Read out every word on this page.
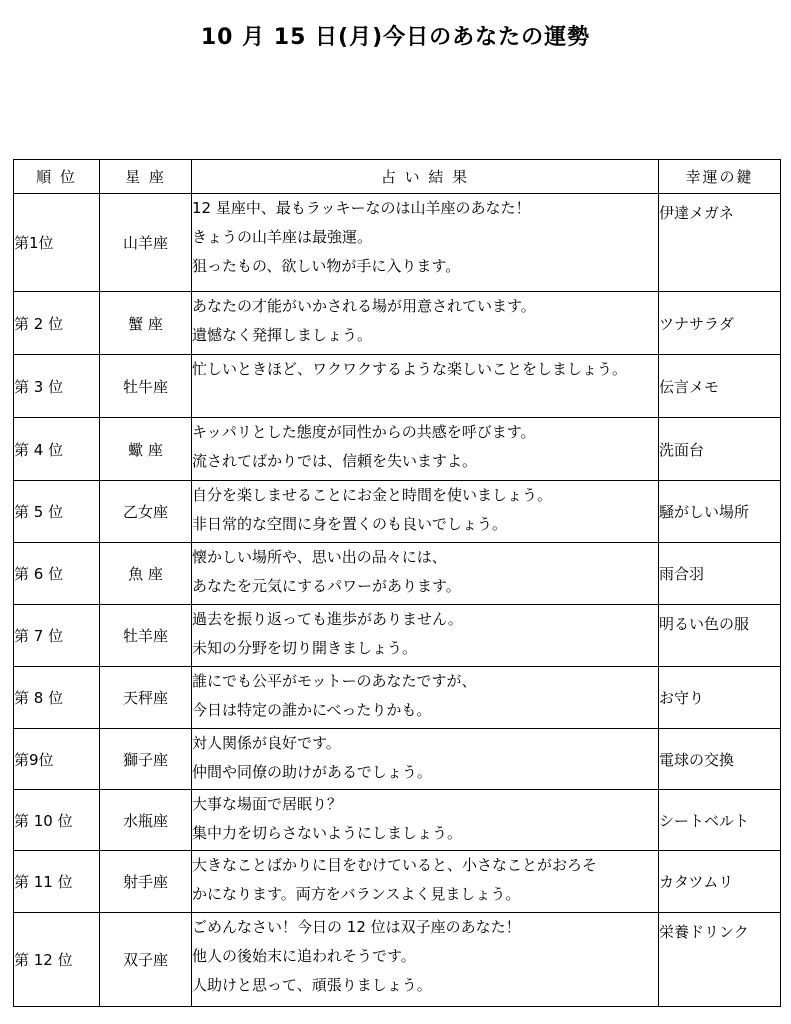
10 月 15 日(月)今日のあなたの運勢
順 位	星 座	占 い 結 果	幸運の鍵
第1位	山羊座	12 星座中、最もラッキーなのは山羊座のあなた！
きょうの山羊座は最強運。
狙ったもの、欲しい物が手に入ります。	伊達メガネ
第 2 位	蟹 座	あなたの才能がいかされる場が用意されています。
遺憾なく発揮しましょう。	ツナサラダ
第 3 位	牡牛座	忙しいときほど、ワクワクするような楽しいことをしましょう。	伝言メモ
第 4 位	蠍 座	キッパリとした態度が同性からの共感を呼びます。
流されてばかりでは、信頼を失いますよ。	洗面台
第 5 位	乙女座	自分を楽しませることにお金と時間を使いましょう。
非日常的な空間に身を置くのも良いでしょう。	騒がしい場所
第 6 位	魚 座	懐かしい場所や、思い出の品々には、
あなたを元気にするパワーがあります。	雨合羽
第 7 位	牡羊座	過去を振り返っても進歩がありません。
未知の分野を切り開きましょう。	明るい色の服
第 8 位	天秤座	誰にでも公平がモットーのあなたですが、
今日は特定の誰かにべったりかも。	お守り
第9位	獅子座	対人関係が良好です。
仲間や同僚の助けがあるでしょう。	電球の交換
第 10 位	水瓶座	大事な場面で居眠り？
集中力を切らさないようにしましょう。	シートベルト
第 11 位	射手座	大きなことばかりに目をむけていると、小さなことがおろそ
かになります。両方をバランスよく見ましょう。	カタツムリ
第 12 位	双子座	ごめんなさい！今日の 12 位は双子座のあなた！
他人の後始末に追われそうです。
人助けと思って、頑張りましょう。	栄養ドリンク
